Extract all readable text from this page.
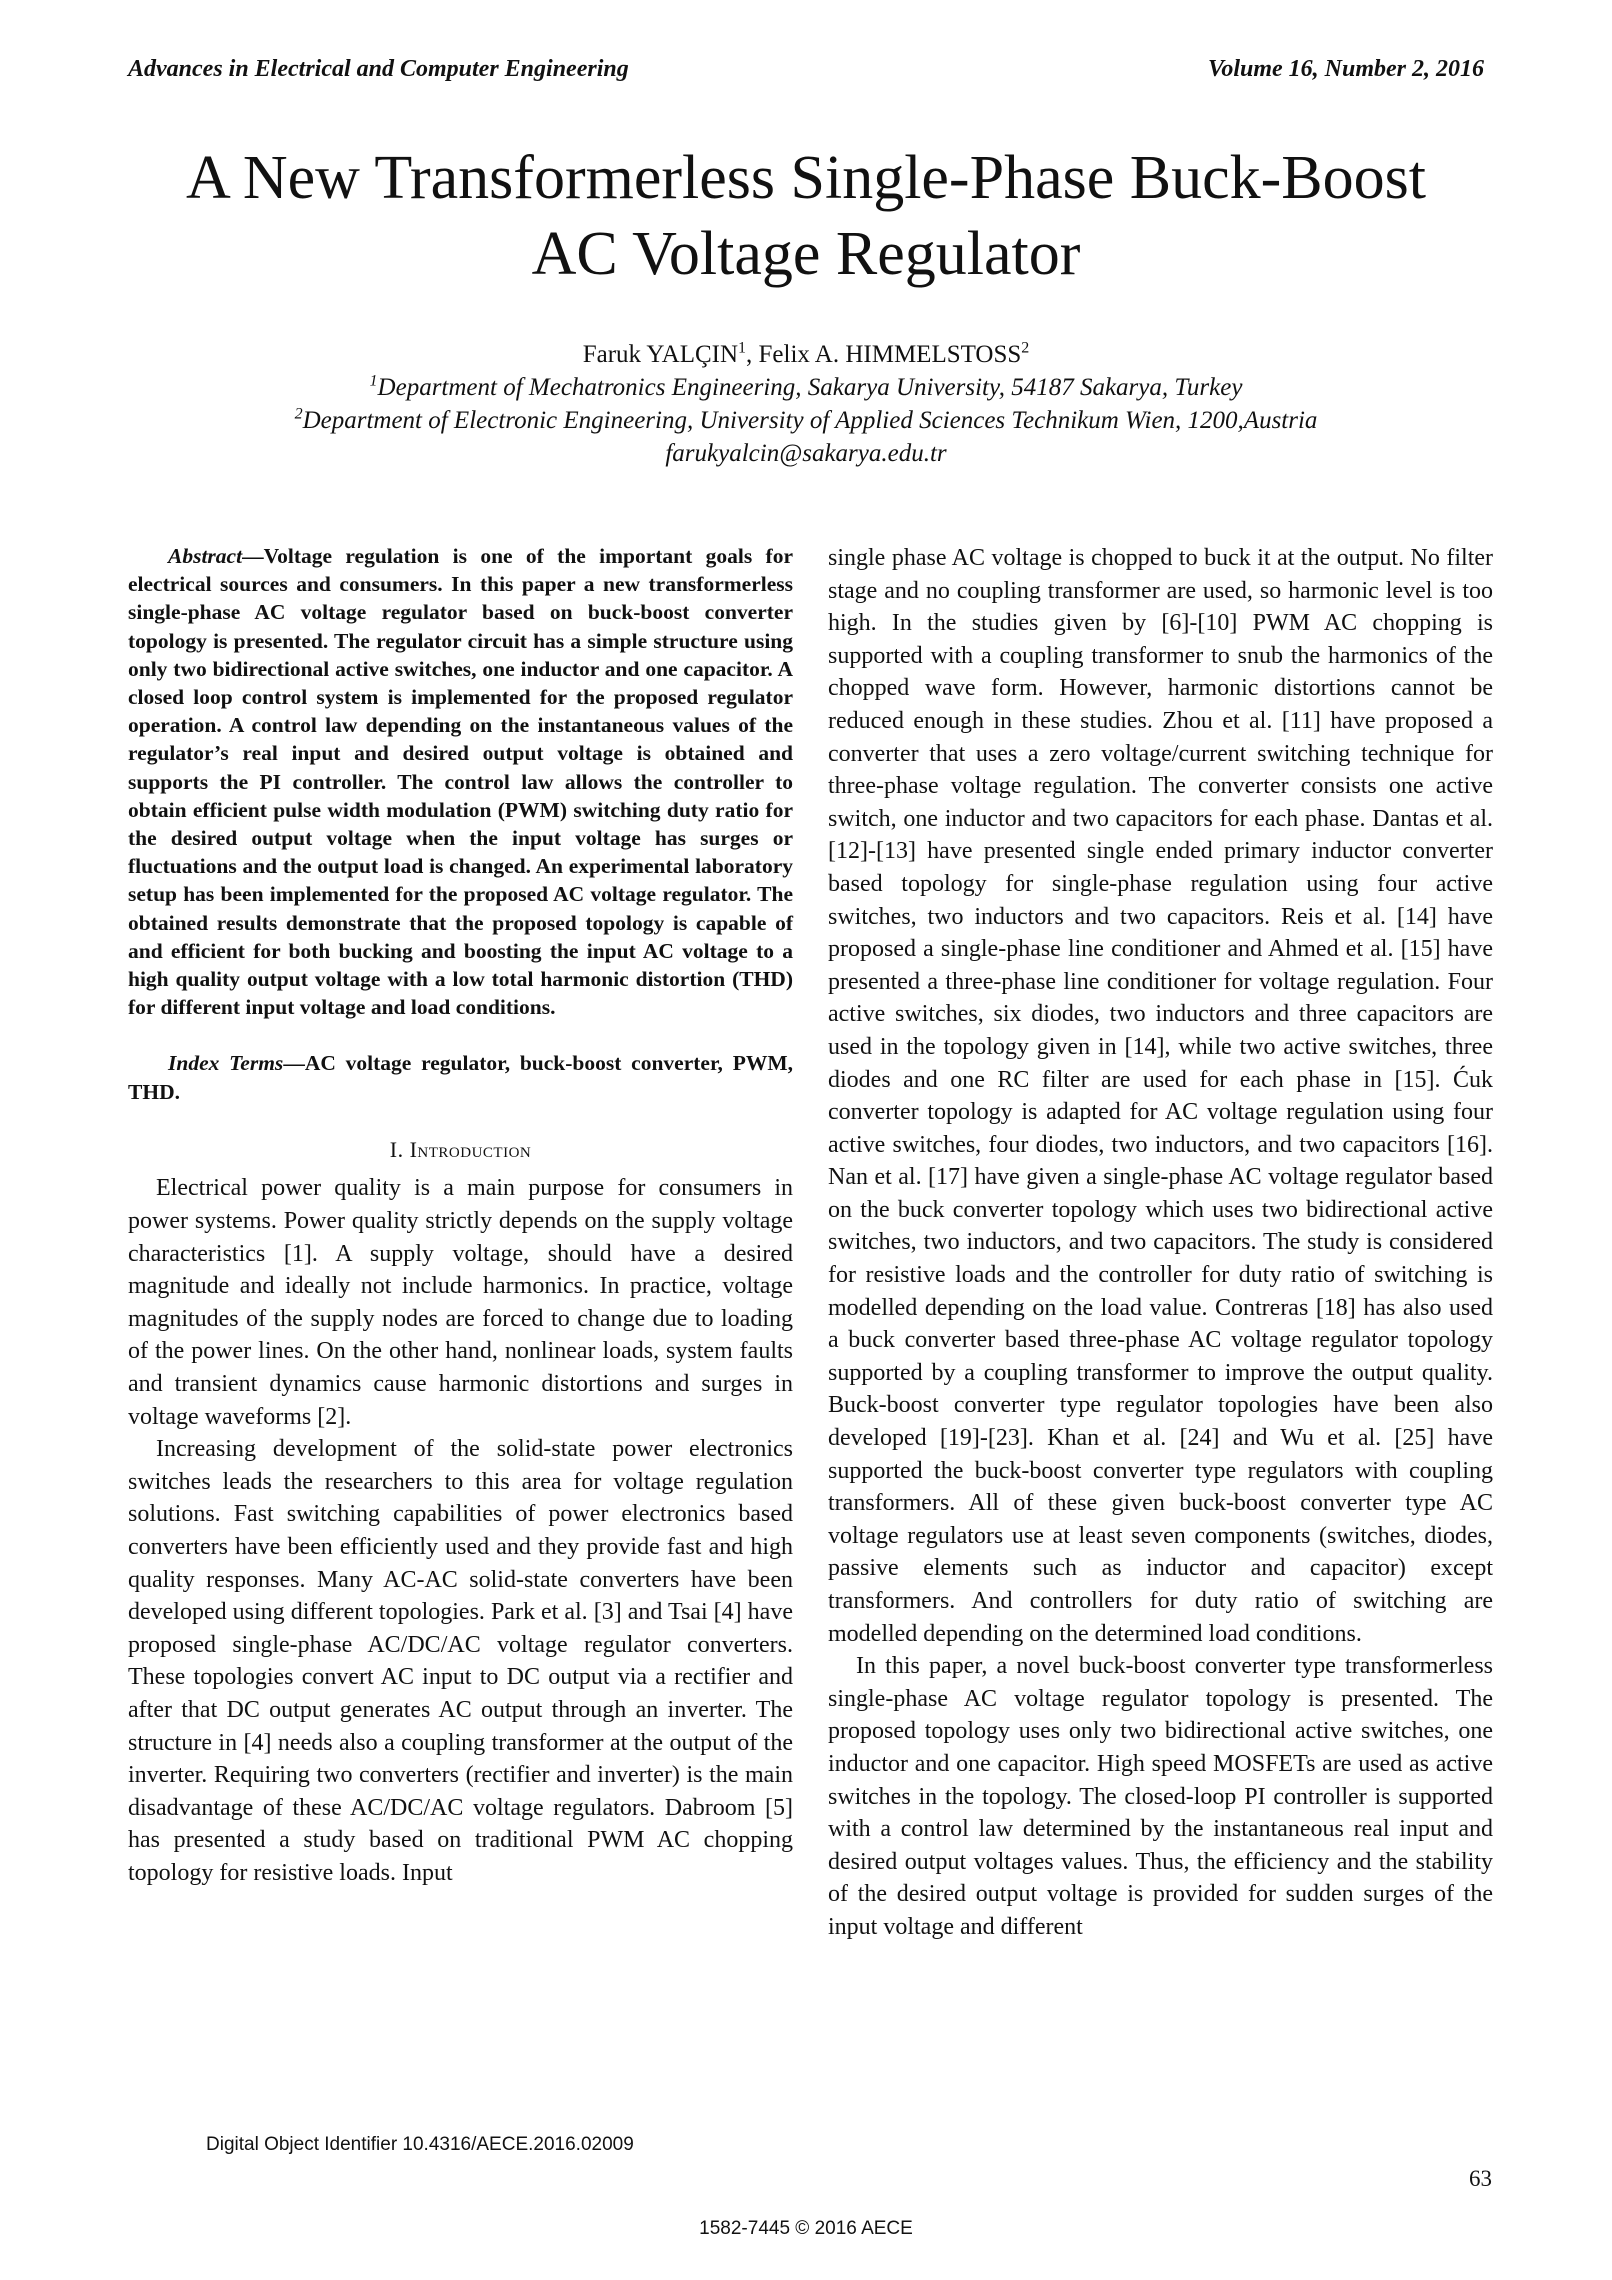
Advances in Electrical and Computer Engineering	Volume 16, Number 2, 2016
A New Transformerless Single-Phase Buck-Boost AC Voltage Regulator
Faruk YALÇIN$^1$, Felix A. HIMMELSTOSS$^2$
$^1$Department of Mechatronics Engineering, Sakarya University, 54187 Sakarya, Turkey
$^2$Department of Electronic Engineering, University of Applied Sciences Technikum Wien, 1200,Austria
farukyalcin@sakarya.edu.tr

Abstract—Voltage regulation is one of the important goals for electrical sources and consumers. In this paper a new transformerless single-phase AC voltage regulator based on buck-boost converter topology is presented. The regulator circuit has a simple structure using only two bidirectional active switches, one inductor and one capacitor. A closed loop control system is implemented for the proposed regulator operation. A control law depending on the instantaneous values of the regulator’s real input and desired output voltage is obtained and supports the PI controller. The control law allows the controller to obtain efficient pulse width modulation (PWM) switching duty ratio for the desired output voltage when the input voltage has surges or fluctuations and the output load is changed. An experimental laboratory setup has been implemented for the proposed AC voltage regulator. The obtained results demonstrate that the proposed topology is capable of and efficient for both bucking and boosting the input AC voltage to a high quality output voltage with a low total harmonic distortion (THD) for different input voltage and load conditions.

Index Terms—AC voltage regulator, buck-boost converter, PWM, THD.

I. Introduction

Electrical power quality is a main purpose for consumers in power systems. Power quality strictly depends on the supply voltage characteristics [1]. A supply voltage, should have a desired magnitude and ideally not include harmonics. In practice, voltage magnitudes of the supply nodes are forced to change due to loading of the power lines. On the other hand, nonlinear loads, system faults and transient dynamics cause harmonic distortions and surges in voltage waveforms [2].

Increasing development of the solid-state power electronics switches leads the researchers to this area for voltage regulation solutions. Fast switching capabilities of power electronics based converters have been efficiently used and they provide fast and high quality responses. Many AC-AC solid-state converters have been developed using different topologies. Park et al. [3] and Tsai [4] have proposed single-phase AC/DC/AC voltage regulator converters. These topologies convert AC input to DC output via a rectifier and after that DC output generates AC output through an inverter. The structure in [4] needs also a coupling transformer at the output of the inverter. Requiring two converters (rectifier and inverter) is the main disadvantage of these AC/DC/AC voltage regulators. Dabroom [5] has presented a study based on traditional PWM AC chopping topology for resistive loads. Input

single phase AC voltage is chopped to buck it at the output. No filter stage and no coupling transformer are used, so harmonic level is too high. In the studies given by [6]-[10] PWM AC chopping is supported with a coupling transformer to snub the harmonics of the chopped wave form. However, harmonic distortions cannot be reduced enough in these studies. Zhou et al. [11] have proposed a converter that uses a zero voltage/current switching technique for three-phase voltage regulation. The converter consists one active switch, one inductor and two capacitors for each phase. Dantas et al. [12]-[13] have presented single ended primary inductor converter based topology for single-phase regulation using four active switches, two inductors and two capacitors. Reis et al. [14] have proposed a single-phase line conditioner and Ahmed et al. [15] have presented a three-phase line conditioner for voltage regulation. Four active switches, six diodes, two inductors and three capacitors are used in the topology given in [14], while two active switches, three diodes and one RC filter are used for each phase in [15]. Ćuk converter topology is adapted for AC voltage regulation using four active switches, four diodes, two inductors, and two capacitors [16]. Nan et al. [17] have given a single-phase AC voltage regulator based on the buck converter topology which uses two bidirectional active switches, two inductors, and two capacitors. The study is considered for resistive loads and the controller for duty ratio of switching is modelled depending on the load value. Contreras [18] has also used a buck converter based three-phase AC voltage regulator topology supported by a coupling transformer to improve the output quality. Buck-boost converter type regulator topologies have been also developed [19]-[23]. Khan et al. [24] and Wu et al. [25] have supported the buck-boost converter type regulators with coupling transformers. All of these given buck-boost converter type AC voltage regulators use at least seven components (switches, diodes, passive elements such as inductor and capacitor) except transformers. And controllers for duty ratio of switching are modelled depending on the determined load conditions.

In this paper, a novel buck-boost converter type transformerless single-phase AC voltage regulator topology is presented. The proposed topology uses only two bidirectional active switches, one inductor and one capacitor. High speed MOSFETs are used as active switches in the topology. The closed-loop PI controller is supported with a control law determined by the instantaneous real input and desired output voltages values. Thus, the efficiency and the stability of the desired output voltage is provided for sudden surges of the input voltage and different

Digital Object Identifier 10.4316/AECE.2016.02009
63
1582-7445 © 2016 AECE
